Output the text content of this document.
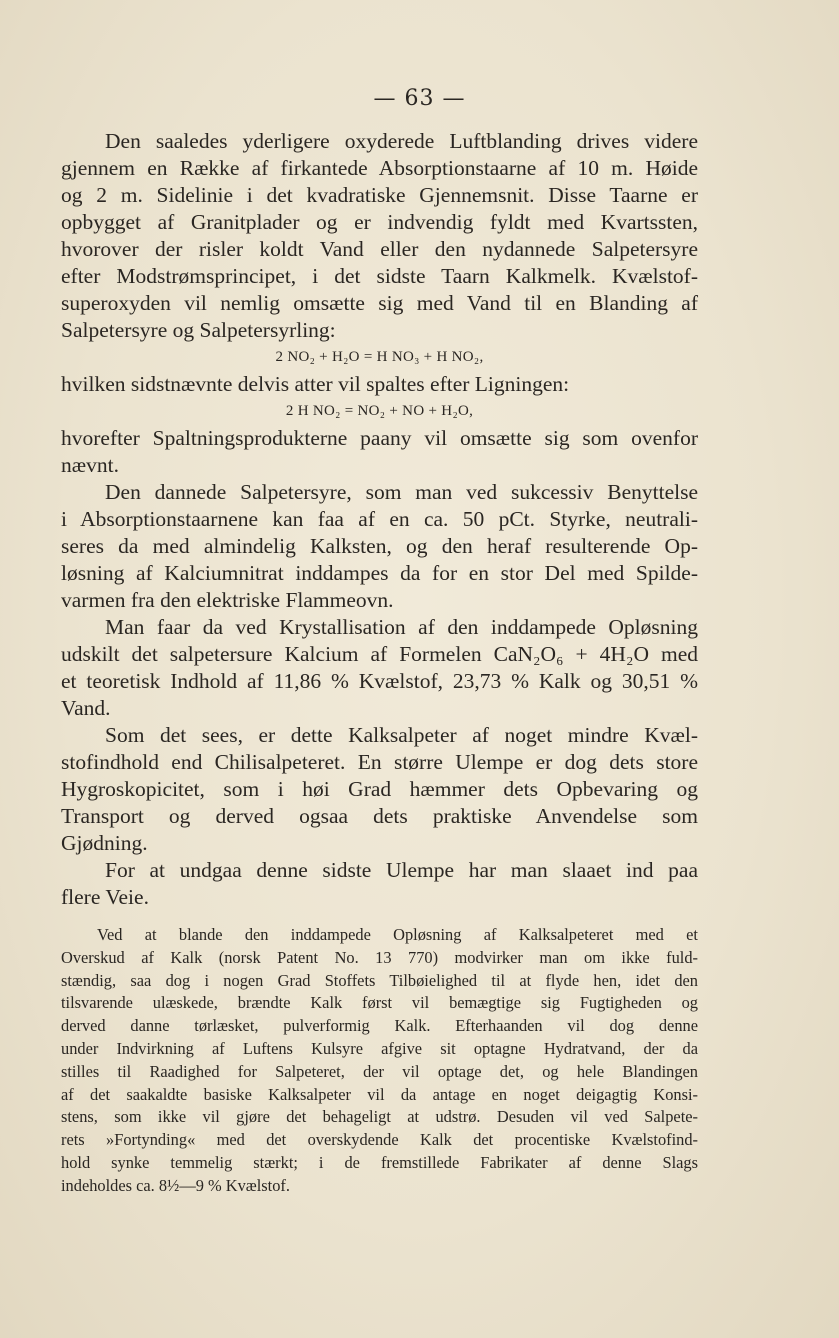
— 63 —
Den saaledes yderligere oxyderede Luftblanding drives videre
gjennem en Række af firkantede Absorptionstaarne af 10 m. Høide
og 2 m. Sidelinie i det kvadratiske Gjennemsnit. Disse Taarne er
opbygget af Granitplader og er indvendig fyldt med Kvartssten,
hvorover der risler koldt Vand eller den nydannede Salpetersyre
efter Modstrømsprincipet, i det sidste Taarn Kalkmelk. Kvælstof-
superoxyden vil nemlig omsætte sig med Vand til en Blanding af
Salpetersyre og Salpetersyrling:
2 NO₂ + H₂O = H NO₃ + H NO₂,
hvilken sidstnævnte delvis atter vil spaltes efter Ligningen:
2 H NO₂ = NO₂ + NO + H₂O,
hvorefter Spaltningsprodukterne paany vil omsætte sig som ovenfor
nævnt.
Den dannede Salpetersyre, som man ved sukcessiv Benyttelse
i Absorptionstaarnene kan faa af en ca. 50 pCt. Styrke, neutrali-
seres da med almindelig Kalksten, og den heraf resulterende Op-
løsning af Kalciumnitrat inddampes da for en stor Del med Spilde-
varmen fra den elektriske Flammeovn.
Man faar da ved Krystallisation af den inddampede Opløsning
udskilt det salpetersure Kalcium af Formelen CaN₂O₆ + 4H₂O med
et teoretisk Indhold af 11,86 % Kvælstof, 23,73 % Kalk og 30,51 %
Vand.
Som det sees, er dette Kalksalpeter af noget mindre Kvæl-
stofindhold end Chilisalpeteret. En større Ulempe er dog dets store
Hygroskopicitet, som i høi Grad hæmmer dets Opbevaring og
Transport og derved ogsaa dets praktiske Anvendelse som
Gjødning.
For at undgaa denne sidste Ulempe har man slaaet ind paa
flere Veie.
Ved at blande den inddampede Opløsning af Kalksalpeteret med et
Overskud af Kalk (norsk Patent No. 13 770) modvirker man om ikke fuld-
stændig, saa dog i nogen Grad Stoffets Tilbøielighed til at flyde hen, idet den
tilsvarende ulæskede, brændte Kalk først vil bemægtige sig Fugtigheden og
derved danne tørlæsket, pulverformig Kalk. Efterhaanden vil dog denne
under Indvirkning af Luftens Kulsyre afgive sit optagne Hydratvand, der da
stilles til Raadighed for Salpeteret, der vil optage det, og hele Blandingen
af det saakaldte basiske Kalksalpeter vil da antage en noget deigagtig Konsi-
stens, som ikke vil gjøre det behageligt at udstrø. Desuden vil ved Salpete-
rets »Fortynding« med det overskydende Kalk det procentiske Kvælstofind-
hold synke temmelig stærkt; i de fremstillede Fabrikater af denne Slags
indeholdes ca. 8½—9 % Kvælstof.
